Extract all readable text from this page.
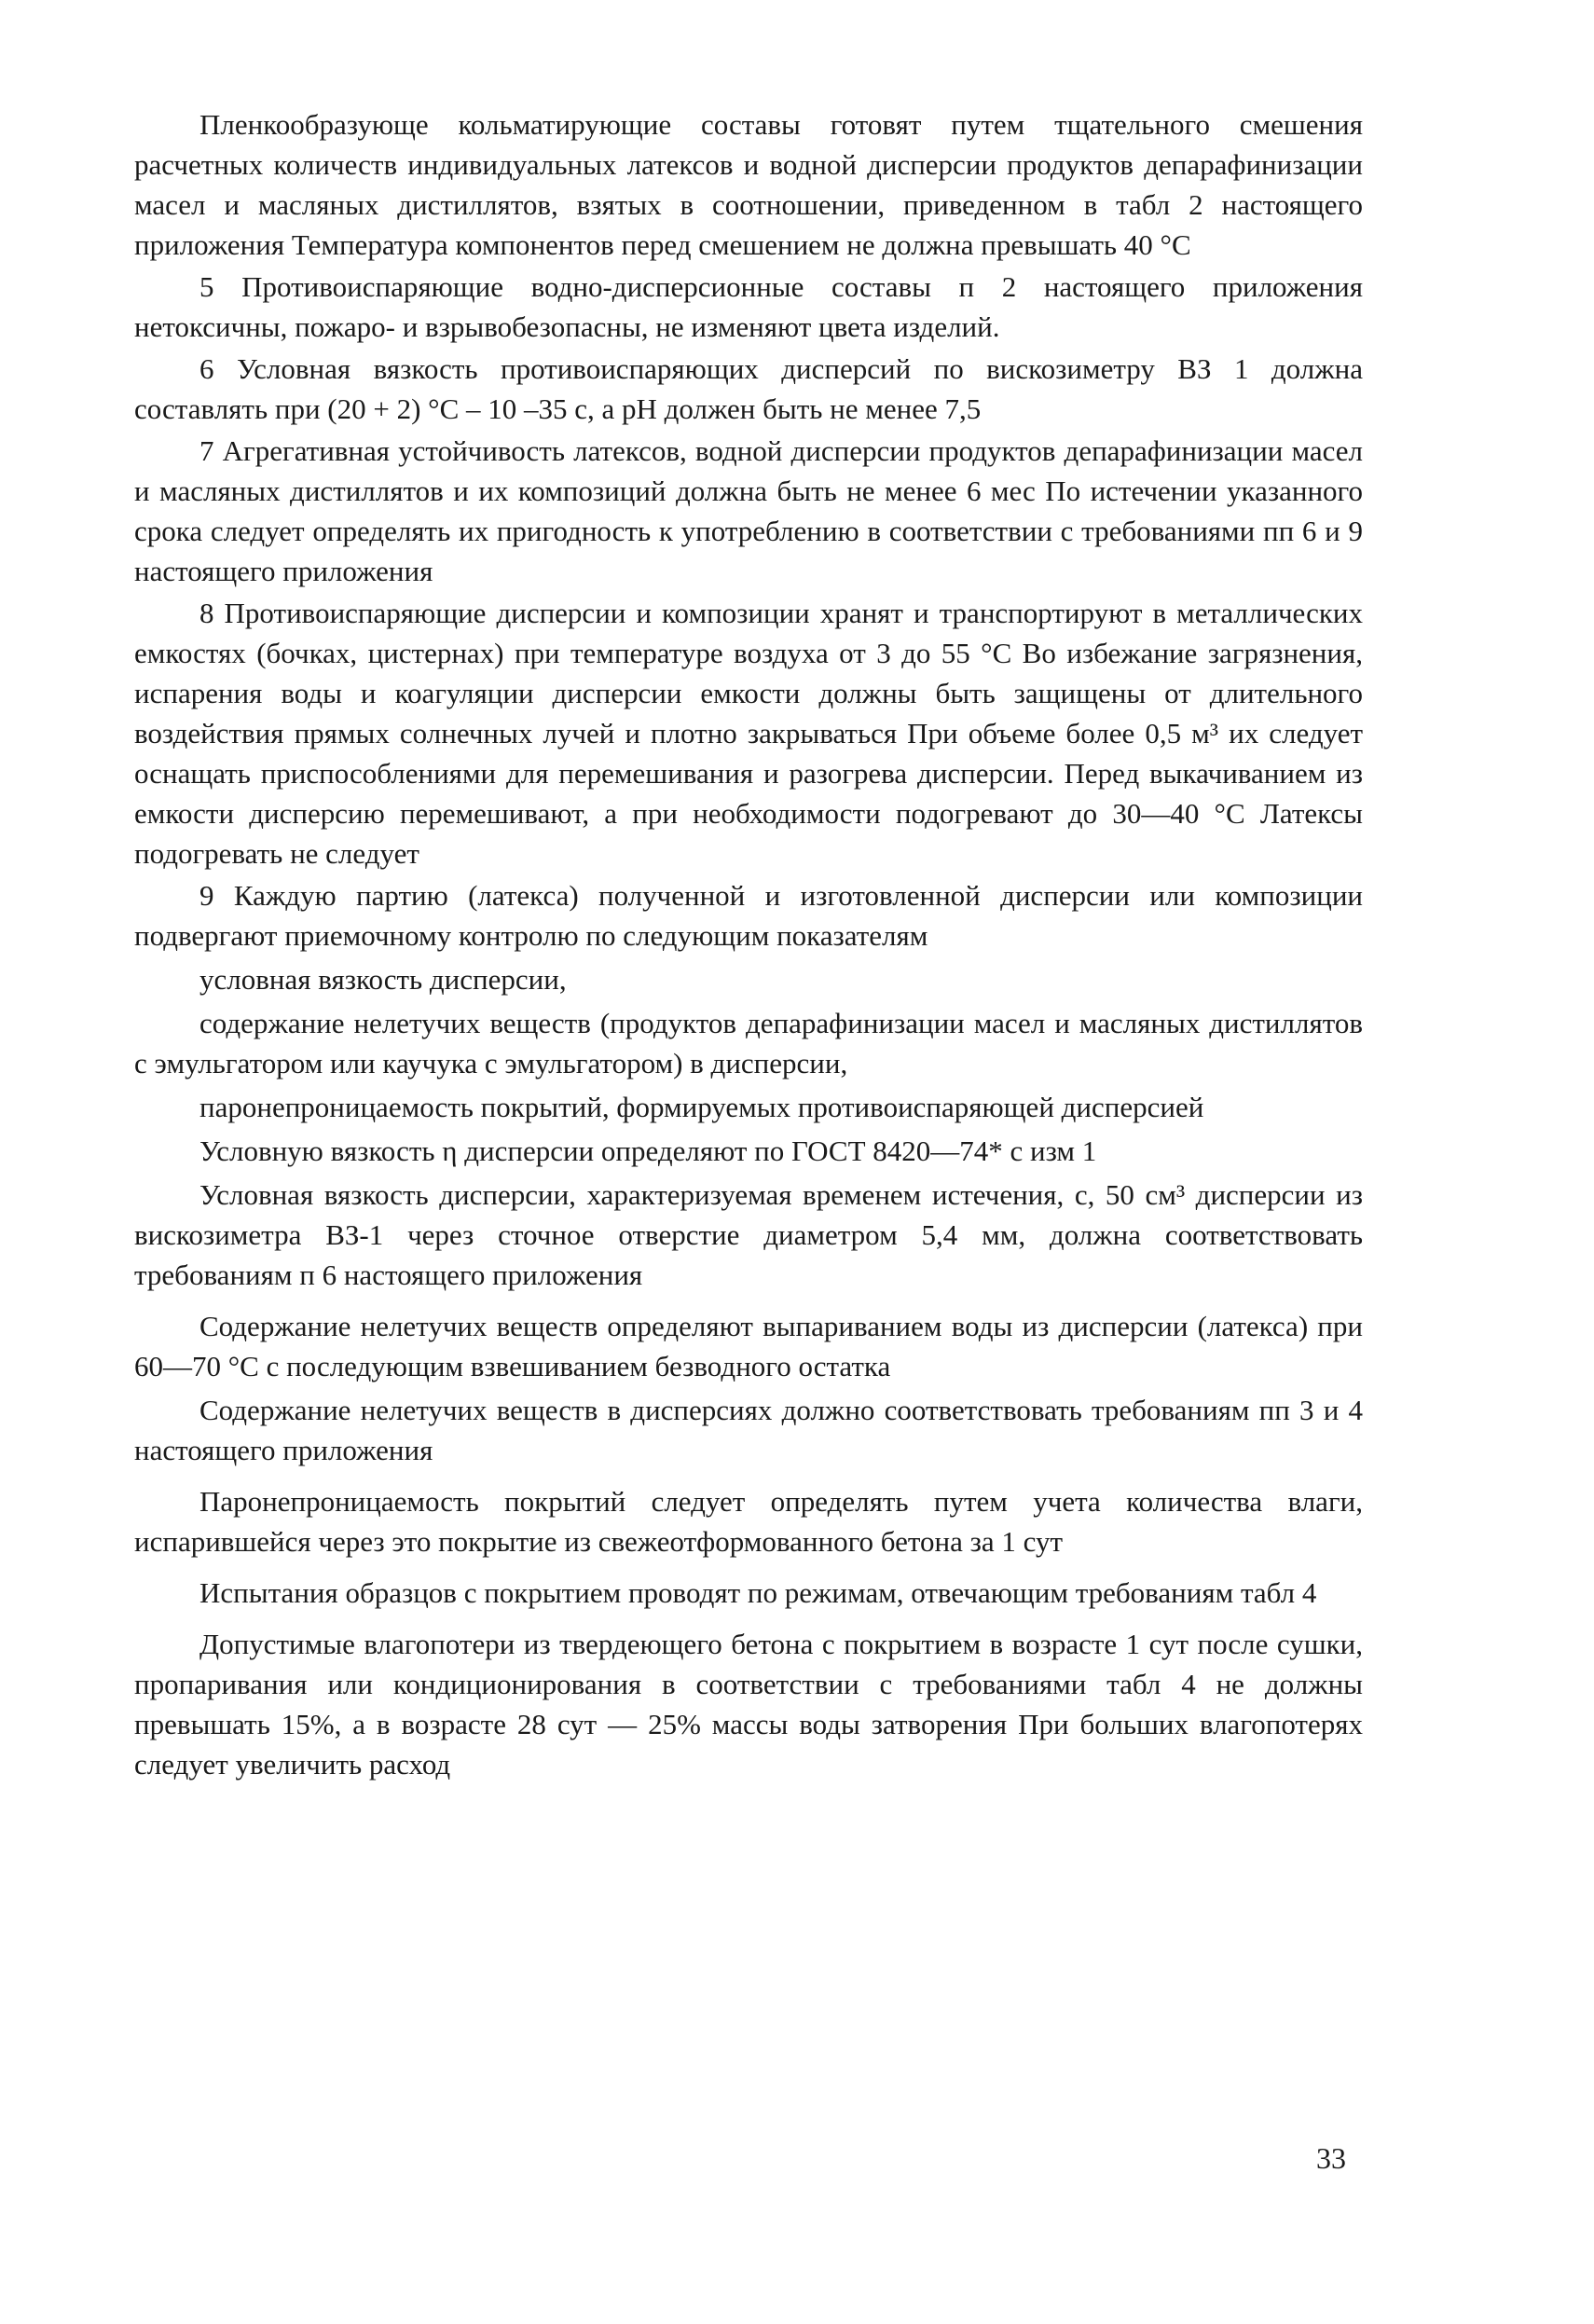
Пленкообразующе кольматирующие составы готовят путем тщательного смешения расчетных количеств индивидуальных латексов и водной дисперсии продуктов депарафинизации масел и масляных дистиллятов, взятых в соотношении, приведенном в табл 2 настоящего приложения Температура компонентов перед смешением не должна превышать 40 °С

5 Противоиспаряющие водно-дисперсионные составы п 2 настоящего приложения нетоксичны, пожаро- и взрывобезопасны, не изменяют цвета изделий.

6 Условная вязкость противоиспаряющих дисперсий по вискозиметру ВЗ 1 должна составлять при (20 + 2) °С – 10 –35 с, а pH должен быть не менее 7,5

7 Агрегативная устойчивость латексов, водной дисперсии продуктов депарафинизации масел и масляных дистиллятов и их композиций должна быть не менее 6 мес По истечении указанного срока следует определять их пригодность к употреблению в соответствии с требованиями пп 6 и 9 настоящего приложения

8 Противоиспаряющие дисперсии и композиции хранят и транспортируют в металлических емкостях (бочках, цистернах) при температуре воздуха от 3 до 55 °С Во избежание загрязнения, испарения воды и коагуляции дисперсии емкости должны быть защищены от длительного воздействия прямых солнечных лучей и плотно закрываться При объеме более 0,5 м³ их следует оснащать приспособлениями для перемешивания и разогрева дисперсии. Перед выкачиванием из емкости дисперсию перемешивают, а при необходимости подогревают до 30—40 °С Латексы подогревать не следует

9 Каждую партию (латекса) полученной и изготовленной дисперсии или композиции подвергают приемочному контролю по следующим показателям

условная вязкость дисперсии,

содержание нелетучих веществ (продуктов депарафинизации масел и масляных дистиллятов с эмульгатором или каучука с эмульгатором) в дисперсии,

паронепроницаемость покрытий, формируемых противоиспаряющей дисперсией

Условную вязкость η дисперсии определяют по ГОСТ 8420—74* с изм 1

Условная вязкость дисперсии, характеризуемая временем истечения, с, 50 см³ дисперсии из вискозиметра ВЗ-1 через сточное отверстие диаметром 5,4 мм, должна соответствовать требованиям п 6 настоящего приложения

Содержание нелетучих веществ определяют выпариванием воды из дисперсии (латекса) при 60—70 °С с последующим взвешиванием безводного остатка

Содержание нелетучих веществ в дисперсиях должно соответствовать требованиям пп 3 и 4 настоящего приложения

Паронепроницаемость покрытий следует определять путем учета количества влаги, испарившейся через это покрытие из свежеотформованного бетона за 1 сут

Испытания образцов с покрытием проводят по режимам, отвечающим требованиям табл 4

Допустимые влагопотери из твердеющего бетона с покрытием в возрасте 1 сут после сушки, пропаривания или кондиционирования в соответствии с требованиями табл 4 не должны превышать 15%, а в возрасте 28 сут — 25% массы воды затворения При больших влагопотерях следует увеличить расход

33
